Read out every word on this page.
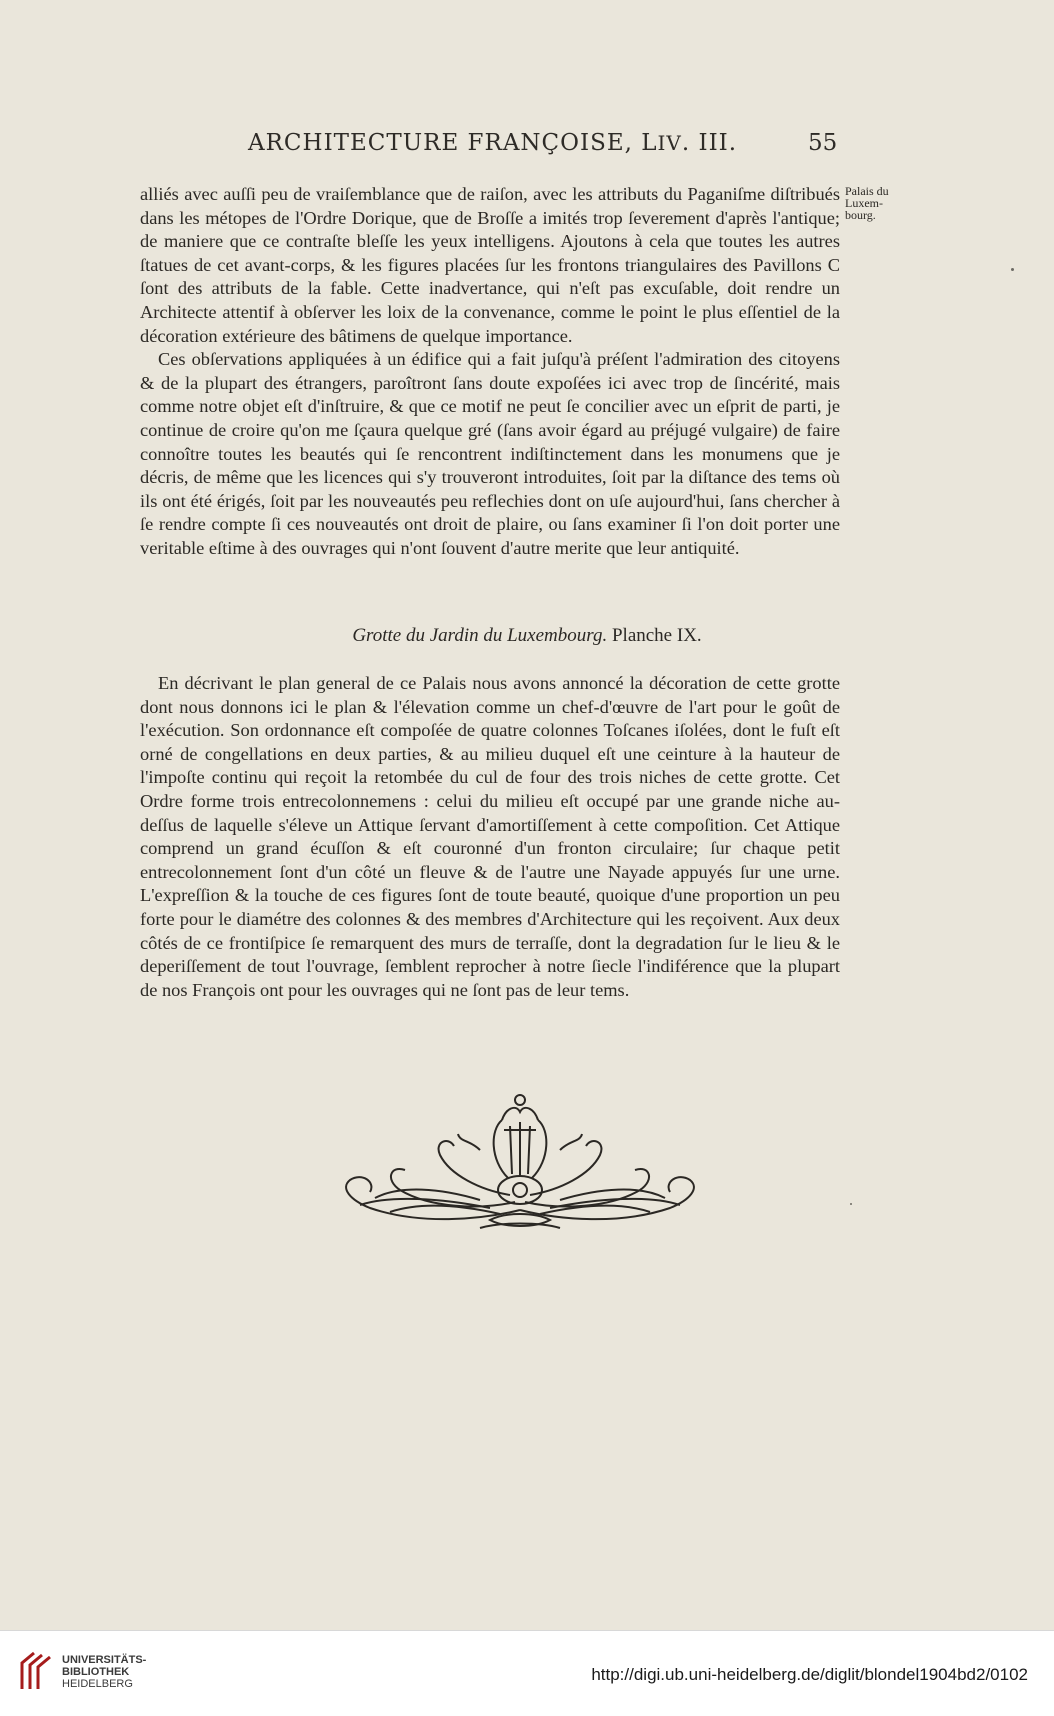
ARCHITECTURE FRANÇOISE, LIV. III.	55
Palais du
Luxem-
bourg.

alliés avec auſſi peu de vraiſemblance que de raiſon, avec les attributs du Paganiſme diſtribués dans les métopes de l'Ordre Dorique, que de Broſſe a imités trop ſeverement d'après l'antique; de maniere que ce contraſte bleſſe les yeux intelligens. Ajoutons à cela que toutes les autres ſtatues de cet avant-corps, & les figures placées ſur les frontons triangulaires des Pavillons C ſont des attributs de la fable. Cette inadvertance, qui n'eſt pas excuſable, doit rendre un Architecte attentif à obſerver les loix de la convenance, comme le point le plus eſſentiel de la décoration extérieure des bâtimens de quelque importance.

Ces obſervations appliquées à un édifice qui a fait juſqu'à préſent l'admiration des citoyens & de la plupart des étrangers, paroîtront ſans doute expoſées ici avec trop de ſincérité, mais comme notre objet eſt d'inſtruire, & que ce motif ne peut ſe concilier avec un eſprit de parti, je continue de croire qu'on me ſçaura quelque gré (ſans avoir égard au préjugé vulgaire) de faire connoître toutes les beautés qui ſe rencontrent indiſtinctement dans les monumens que je décris, de même que les licences qui s'y trouveront introduites, ſoit par la diſtance des tems où ils ont été érigés, ſoit par les nouveautés peu reflechies dont on uſe aujourd'hui, ſans chercher à ſe rendre compte ſi ces nouveautés ont droit de plaire, ou ſans examiner ſi l'on doit porter une veritable eſtime à des ouvrages qui n'ont ſouvent d'autre merite que leur antiquité.

Grotte du Jardin du Luxembourg. Planche IX.

En décrivant le plan general de ce Palais nous avons annoncé la décoration de cette grotte dont nous donnons ici le plan & l'élevation comme un chef-d'œuvre de l'art pour le goût de l'exécution. Son ordonnance eſt compoſée de quatre colonnes Toſcanes iſolées, dont le fuſt eſt orné de congellations en deux parties, & au milieu duquel eſt une ceinture à la hauteur de l'impoſte continu qui reçoit la retombée du cul de four des trois niches de cette grotte. Cet Ordre forme trois entrecolonnemens : celui du milieu eſt occupé par une grande niche au-deſſus de laquelle s'éleve un Attique ſervant d'amortiſſement à cette compoſition. Cet Attique comprend un grand écuſſon & eſt couronné d'un fronton circulaire; ſur chaque petit entrecolonnement ſont d'un côté un fleuve & de l'autre une Nayade appuyés ſur une urne. L'expreſſion & la touche de ces figures ſont de toute beauté, quoique d'une proportion un peu forte pour le diamétre des colonnes & des membres d'Architecture qui les reçoivent. Aux deux côtés de ce frontiſpice ſe remarquent des murs de terraſſe, dont la degradation ſur le lieu & le deperiſſement de tout l'ouvrage, ſemblent reprocher à notre ſiecle l'indiférence que la plupart de nos François ont pour les ouvrages qui ne ſont pas de leur tems.

UNIVERSITÄTS-
BIBLIOTHEK
HEIDELBERG	http://digi.ub.uni-heidelberg.de/diglit/blondel1904bd2/0102
